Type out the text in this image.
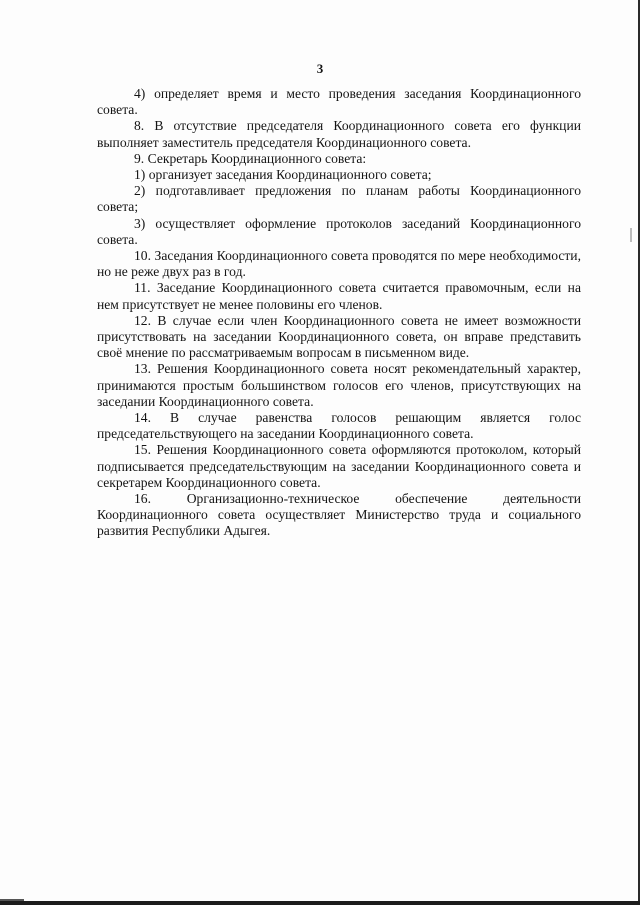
3

4) определяет время и место проведения заседания Координационного совета.

8. В отсутствие председателя Координационного совета его функции выполняет заместитель председателя Координационного совета.

9. Секретарь Координационного совета:

1) организует заседания Координационного совета;

2) подготавливает предложения по планам работы Координационного совета;

3) осуществляет оформление протоколов заседаний Координационного совета.

10. Заседания Координационного совета проводятся по мере необходимости, но не реже двух раз в год.

11. Заседание Координационного совета считается правомочным, если на нем присутствует не менее половины его членов.

12. В случае если член Координационного совета не имеет возможности присутствовать на заседании Координационного совета, он вправе представить своё мнение по рассматриваемым вопросам в письменном виде.

13. Решения Координационного совета носят рекомендательный характер, принимаются простым большинством голосов его членов, присутствующих на заседании Координационного совета.

14. В случае равенства голосов решающим является голос председательствующего на заседании Координационного совета.

15. Решения Координационного совета оформляются протоколом, который подписывается председательствующим на заседании Координационного совета и секретарем Координационного совета.

16. Организационно-техническое обеспечение деятельности Координационного совета осуществляет Министерство труда и социального развития Республики Адыгея.
